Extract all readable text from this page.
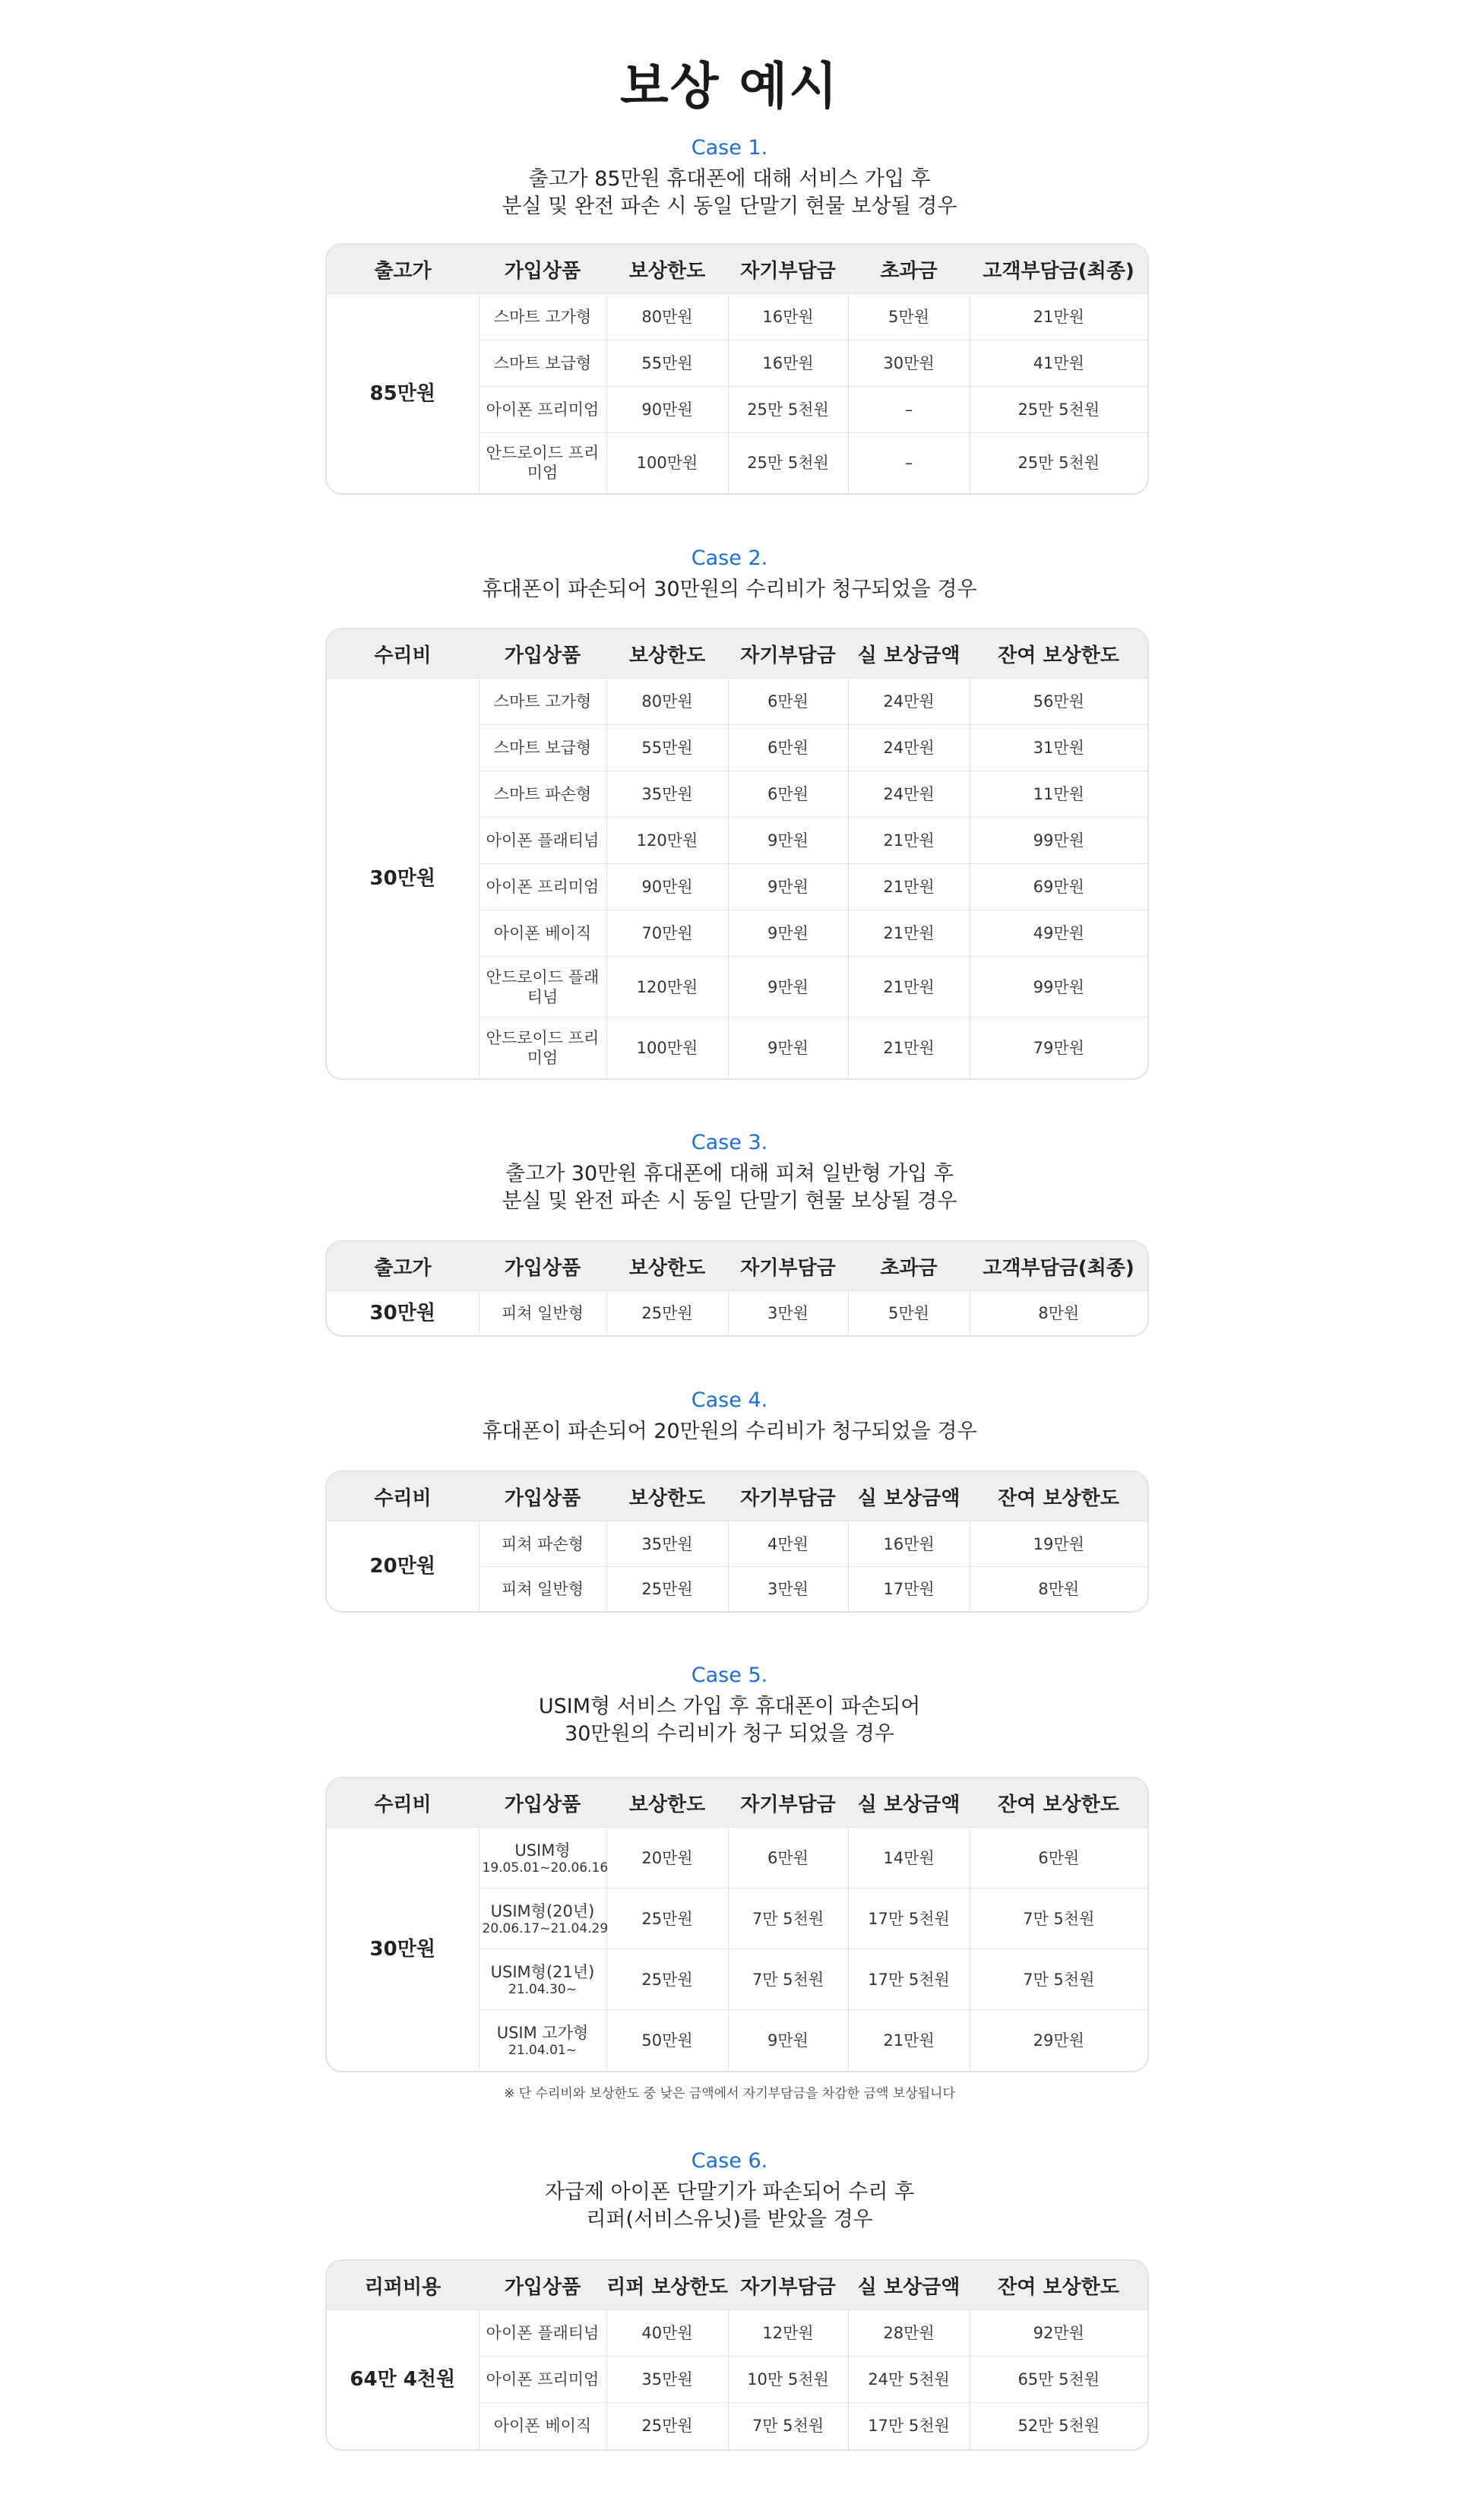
보상 예시
Case 1.
출고가 85만원 휴대폰에 대해 서비스 가입 후
분실 및 완전 파손 시 동일 단말기 현물 보상될 경우
출고가	가입상품	보상한도	자기부담금	초과금	고객부담금(최종)
85만원	스마트 고가형	80만원	16만원	5만원	21만원
	스마트 보급형	55만원	16만원	30만원	41만원
	아이폰 프리미엄	90만원	25만 5천원	–	25만 5천원
	안드로이드 프리미엄	100만원	25만 5천원	–	25만 5천원
Case 2.
휴대폰이 파손되어 30만원의 수리비가 청구되었을 경우
수리비	가입상품	보상한도	자기부담금	실 보상금액	잔여 보상한도
30만원	스마트 고가형	80만원	6만원	24만원	56만원
	스마트 보급형	55만원	6만원	24만원	31만원
	스마트 파손형	35만원	6만원	24만원	11만원
	아이폰 플래티넘	120만원	9만원	21만원	99만원
	아이폰 프리미엄	90만원	9만원	21만원	69만원
	아이폰 베이직	70만원	9만원	21만원	49만원
	안드로이드 플래티넘	120만원	9만원	21만원	99만원
	안드로이드 프리미엄	100만원	9만원	21만원	79만원
Case 3.
출고가 30만원 휴대폰에 대해 피쳐 일반형 가입 후
분실 및 완전 파손 시 동일 단말기 현물 보상될 경우
출고가	가입상품	보상한도	자기부담금	초과금	고객부담금(최종)
30만원	피쳐 일반형	25만원	3만원	5만원	8만원
Case 4.
휴대폰이 파손되어 20만원의 수리비가 청구되었을 경우
수리비	가입상품	보상한도	자기부담금	실 보상금액	잔여 보상한도
20만원	피쳐 파손형	35만원	4만원	16만원	19만원
	피쳐 일반형	25만원	3만원	17만원	8만원
Case 5.
USIM형 서비스 가입 후 휴대폰이 파손되어
30만원의 수리비가 청구 되었을 경우
수리비	가입상품	보상한도	자기부담금	실 보상금액	잔여 보상한도
30만원	USIM형
19.05.01~20.06.16	20만원	6만원	14만원	6만원
	USIM형(20년)
20.06.17~21.04.29	25만원	7만 5천원	17만 5천원	7만 5천원
	USIM형(21년)
21.04.30~	25만원	7만 5천원	17만 5천원	7만 5천원
	USIM 고가형
21.04.01~	50만원	9만원	21만원	29만원
※ 단 수리비와 보상한도 중 낮은 금액에서 자기부담금을 차감한 금액 보상됩니다
Case 6.
자급제 아이폰 단말기가 파손되어 수리 후
리퍼(서비스유닛)를 받았을 경우
리퍼비용	가입상품	리퍼 보상한도	자기부담금	실 보상금액	잔여 보상한도
64만 4천원	아이폰 플래티넘	40만원	12만원	28만원	92만원
	아이폰 프리미엄	35만원	10만 5천원	24만 5천원	65만 5천원
	아이폰 베이직	25만원	7만 5천원	17만 5천원	52만 5천원
